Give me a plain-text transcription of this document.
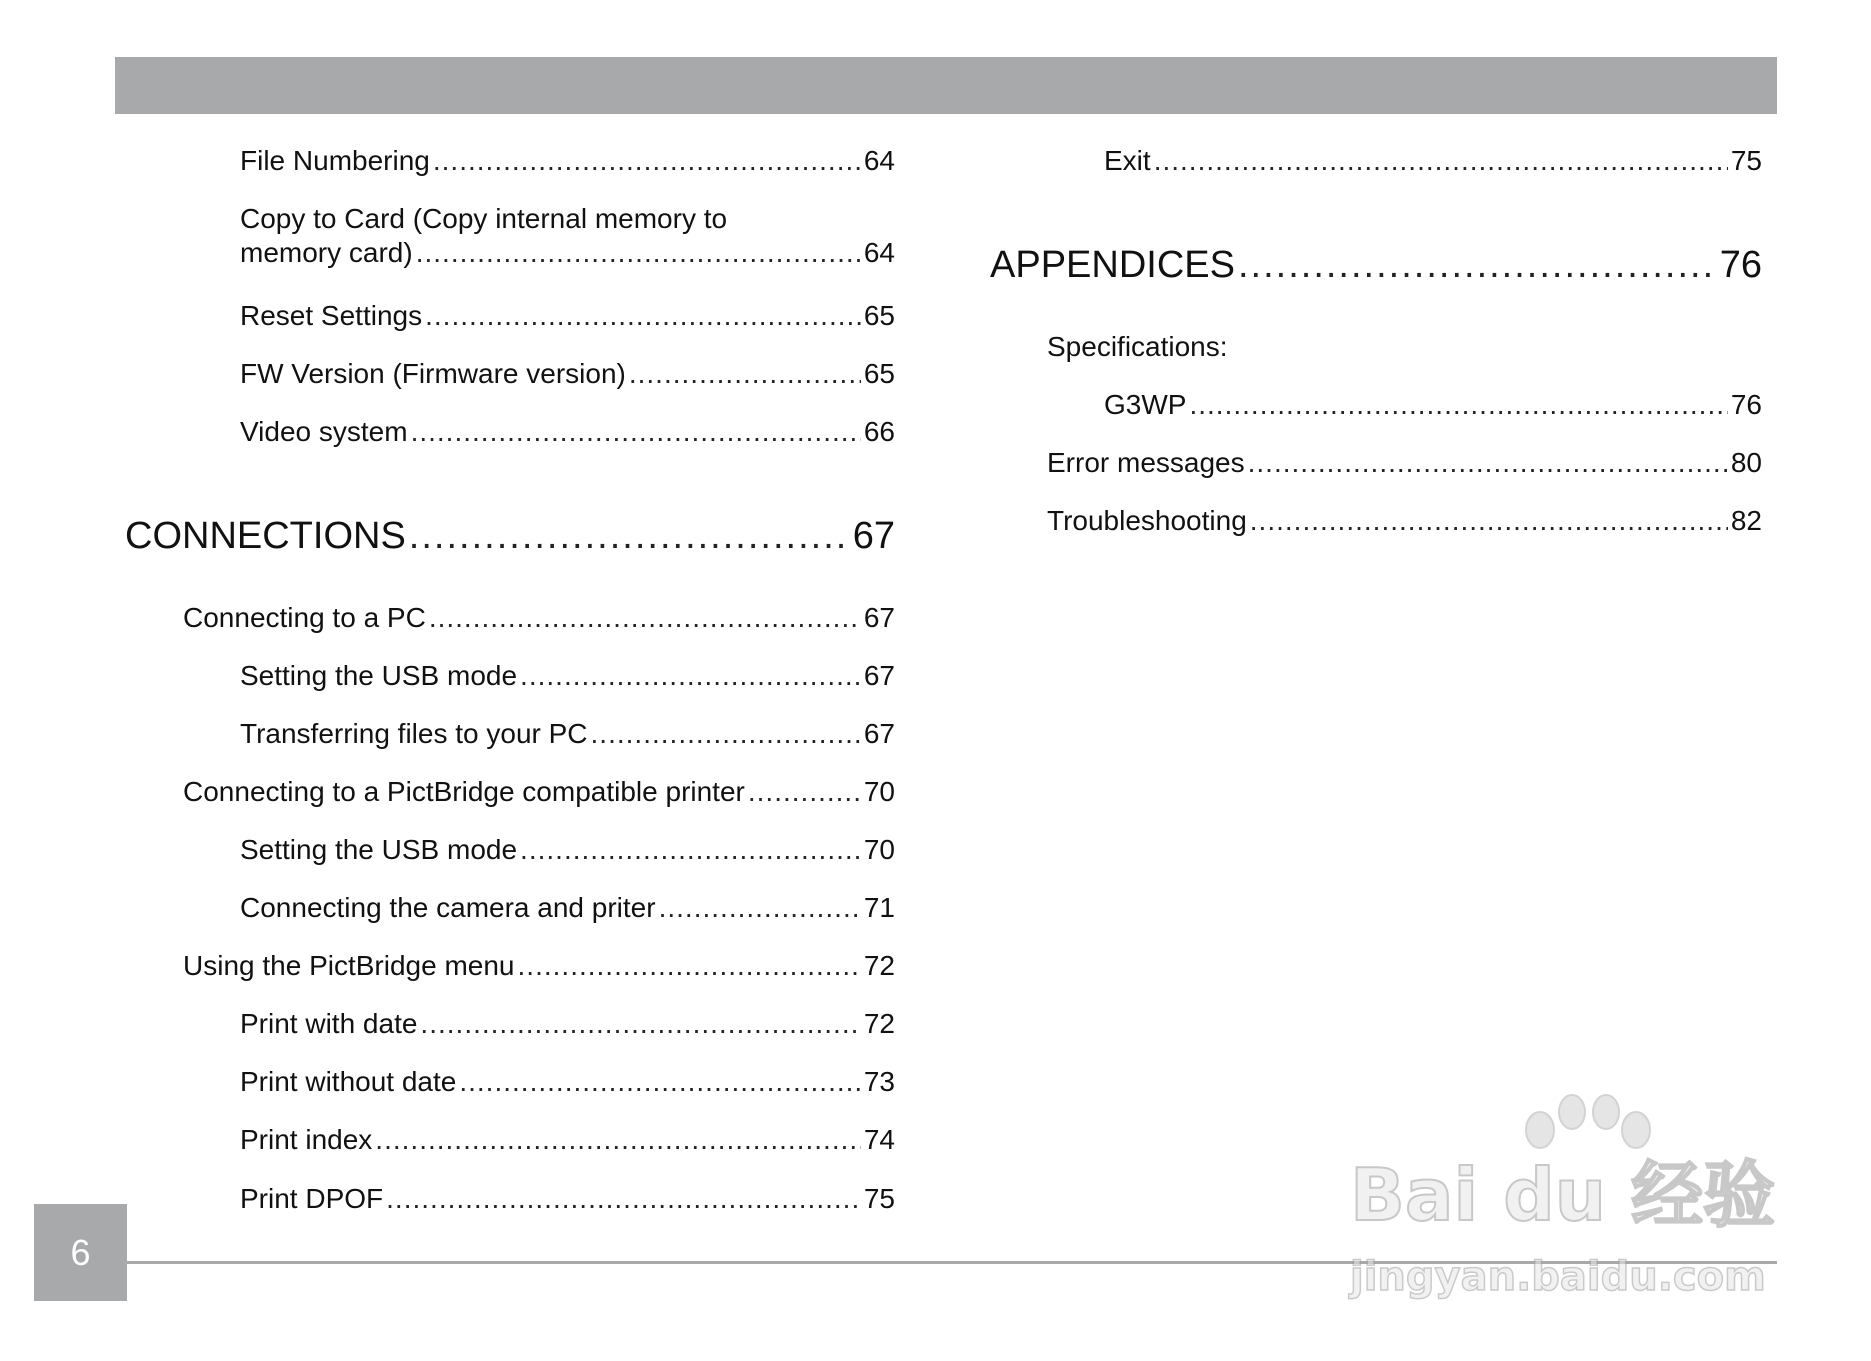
File Numbering .....	64
Copy to Card (Copy internal memory to
memory card) .....	64
Reset Settings .....	65
FW Version (Firmware version) .....	65
Video system .....	66
CONNECTIONS .....	67
Connecting to a PC .....	67
Setting the USB mode .....	67
Transferring files to your PC .....	67
Connecting to a PictBridge compatible printer .....	70
Setting the USB mode .....	70
Connecting the camera and priter .....	71
Using the PictBridge menu .....	72
Print with date .....	72
Print without date .....	73
Print index .....	74
Print DPOF .....	75
Exit .....	75
APPENDICES .....	76
Specifications:
G3WP .....	76
Error messages .....	80
Troubleshooting .....	82
6
Bai du 经验
jingyan.baidu.com
